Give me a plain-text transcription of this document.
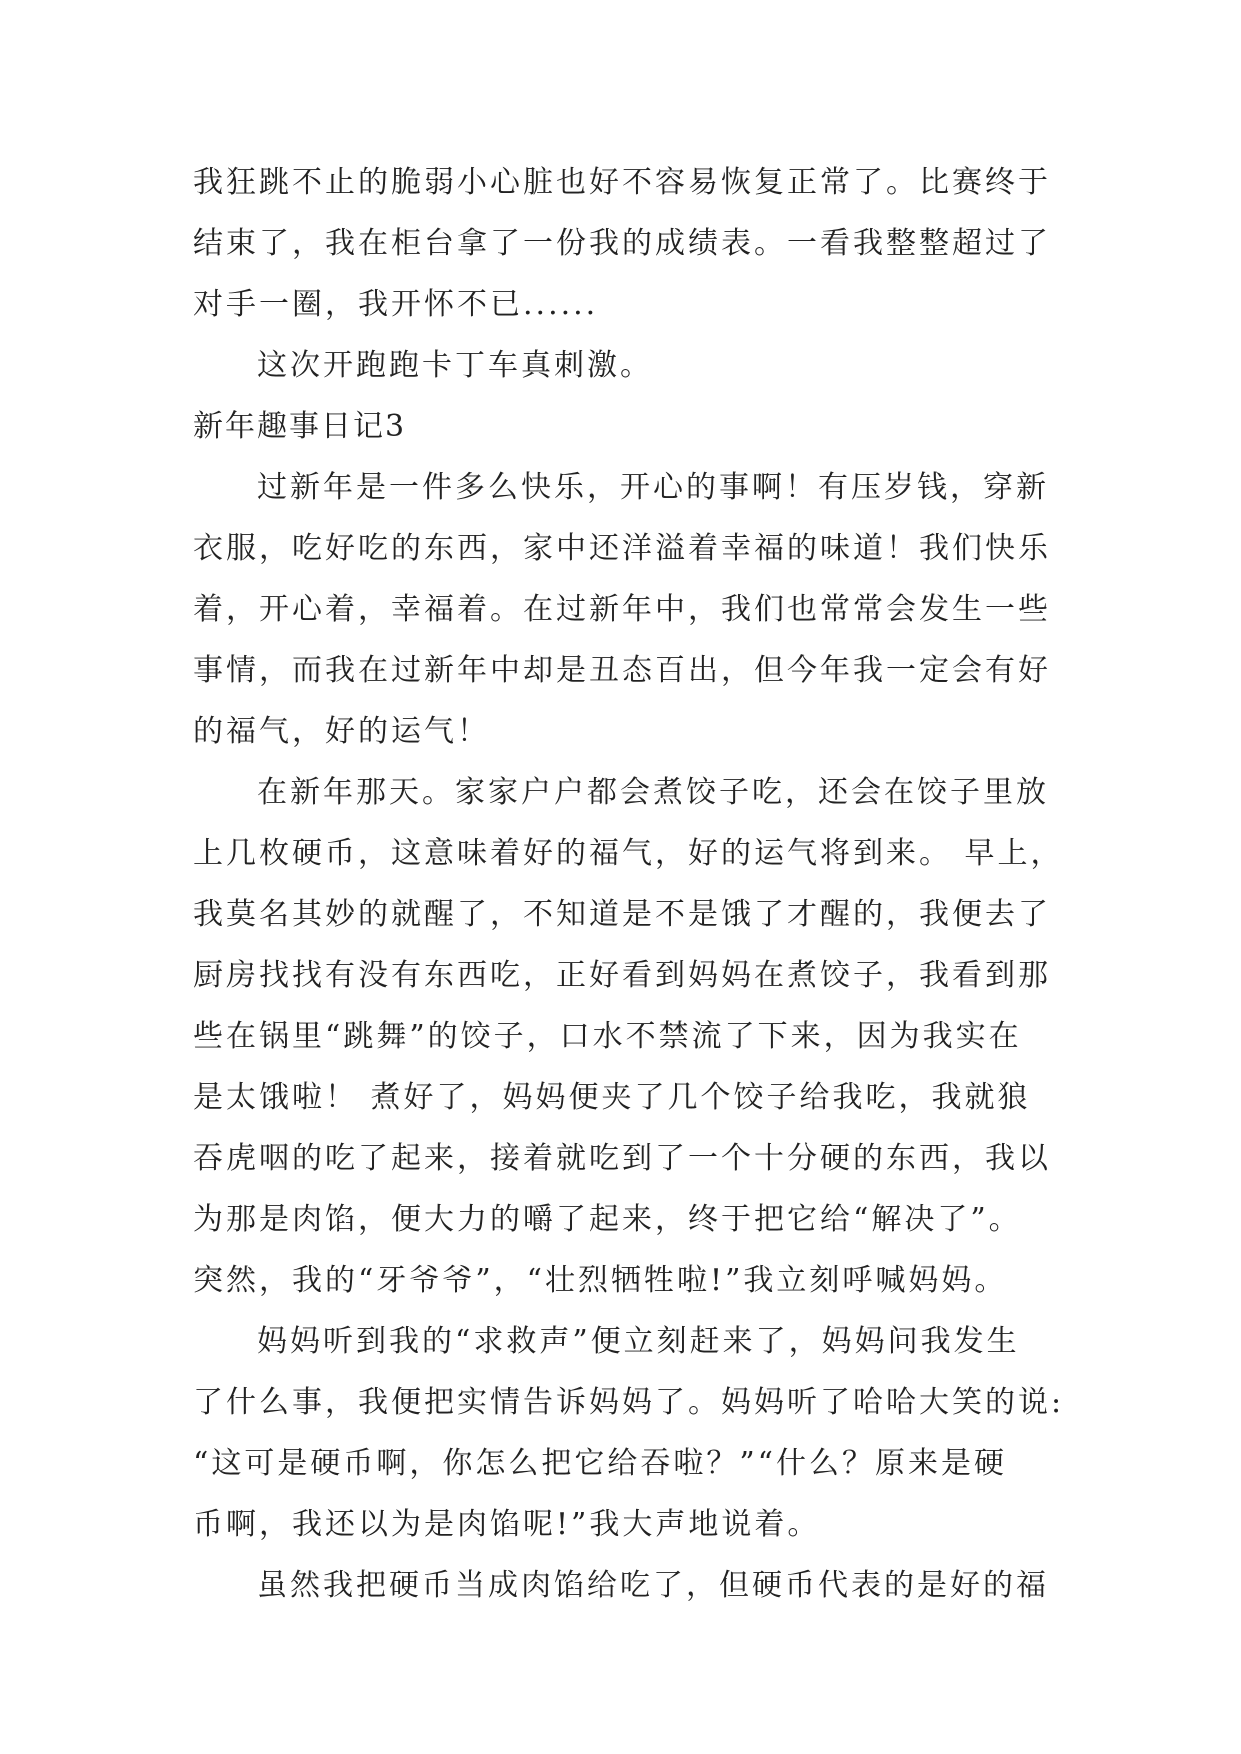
我狂跳不止的脆弱小心脏也好不容易恢复正常了。比赛终于
结束了，我在柜台拿了一份我的成绩表。一看我整整超过了
对手一圈，我开怀不已......
这次开跑跑卡丁车真刺激。
新年趣事日记3
过新年是一件多么快乐，开心的事啊！有压岁钱，穿新
衣服，吃好吃的东西，家中还洋溢着幸福的味道！我们快乐
着，开心着，幸福着。在过新年中，我们也常常会发生一些
事情，而我在过新年中却是丑态百出，但今年我一定会有好
的福气，好的运气！
在新年那天。家家户户都会煮饺子吃，还会在饺子里放
上几枚硬币，这意味着好的福气，好的运气将到来。 早上，
我莫名其妙的就醒了，不知道是不是饿了才醒的，我便去了
厨房找找有没有东西吃，正好看到妈妈在煮饺子，我看到那
些在锅里“跳舞”的饺子，口水不禁流了下来，因为我实在
是太饿啦！ 煮好了，妈妈便夹了几个饺子给我吃，我就狼
吞虎咽的吃了起来，接着就吃到了一个十分硬的东西，我以
为那是肉馅，便大力的嚼了起来，终于把它给“解决了”。
突然，我的“牙爷爷”，“壮烈牺牲啦!”我立刻呼喊妈妈。
妈妈听到我的“求救声”便立刻赶来了，妈妈问我发生
了什么事，我便把实情告诉妈妈了。妈妈听了哈哈大笑的说:
“这可是硬币啊，你怎么把它给吞啦？”“什么？原来是硬
币啊，我还以为是肉馅呢!”我大声地说着。
虽然我把硬币当成肉馅给吃了，但硬币代表的是好的福
